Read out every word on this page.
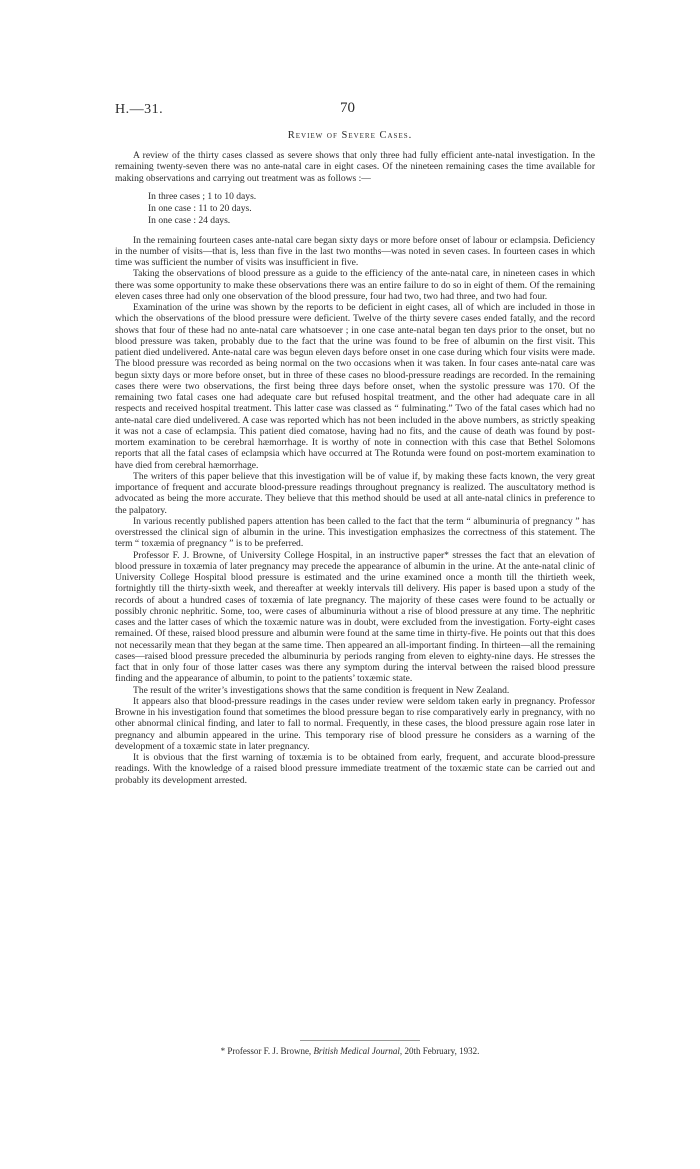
H.—31.	70
Review of Severe Cases.

A review of the thirty cases classed as severe shows that only three had fully efficient ante-natal investigation. In the remaining twenty-seven there was no ante-natal care in eight cases. Of the nineteen remaining cases the time available for making observations and carrying out treatment was as follows :—

In three cases ; 1 to 10 days.
In one case : 11 to 20 days.
In one case : 24 days.

In the remaining fourteen cases ante-natal care began sixty days or more before onset of labour or eclampsia. Deficiency in the number of visits—that is, less than five in the last two months—was noted in seven cases. In fourteen cases in which time was sufficient the number of visits was insufficient in five.

Taking the observations of blood pressure as a guide to the efficiency of the ante-natal care, in nineteen cases in which there was some opportunity to make these observations there was an entire failure to do so in eight of them. Of the remaining eleven cases three had only one observation of the blood pressure, four had two, two had three, and two had four.

Examination of the urine was shown by the reports to be deficient in eight cases, all of which are included in those in which the observations of the blood pressure were deficient. Twelve of the thirty severe cases ended fatally, and the record shows that four of these had no ante-natal care whatsoever ; in one case ante-natal began ten days prior to the onset, but no blood pressure was taken, probably due to the fact that the urine was found to be free of albumin on the first visit. This patient died undelivered. Ante-natal care was begun eleven days before onset in one case during which four visits were made. The blood pressure was recorded as being normal on the two occasions when it was taken. In four cases ante-natal care was begun sixty days or more before onset, but in three of these cases no blood-pressure readings are recorded. In the remaining cases there were two observations, the first being three days before onset, when the systolic pressure was 170. Of the remaining two fatal cases one had adequate care but refused hospital treatment, and the other had adequate care in all respects and received hospital treatment. This latter case was classed as “ fulminating.” Two of the fatal cases which had no ante-natal care died undelivered. A case was reported which has not been included in the above numbers, as strictly speaking it was not a case of eclampsia. This patient died comatose, having had no fits, and the cause of death was found by post-mortem examination to be cerebral hæmorrhage. It is worthy of note in connection with this case that Bethel Solomons reports that all the fatal cases of eclampsia which have occurred at The Rotunda were found on post-mortem examination to have died from cerebral hæmorrhage.

The writers of this paper believe that this investigation will be of value if, by making these facts known, the very great importance of frequent and accurate blood-pressure readings throughout pregnancy is realized. The auscultatory method is advocated as being the more accurate. They believe that this method should be used at all ante-natal clinics in preference to the palpatory.

In various recently published papers attention has been called to the fact that the term “ albuminuria of pregnancy ” has overstressed the clinical sign of albumin in the urine. This investigation emphasizes the correctness of this statement. The term “ toxæmia of pregnancy ” is to be preferred.

Professor F. J. Browne, of University College Hospital, in an instructive paper* stresses the fact that an elevation of blood pressure in toxæmia of later pregnancy may precede the appearance of albumin in the urine. At the ante-natal clinic of University College Hospital blood pressure is estimated and the urine examined once a month till the thirtieth week, fortnightly till the thirty-sixth week, and thereafter at weekly intervals till delivery. His paper is based upon a study of the records of about a hundred cases of toxæmia of late pregnancy. The majority of these cases were found to be actually or possibly chronic nephritic. Some, too, were cases of albuminuria without a rise of blood pressure at any time. The nephritic cases and the latter cases of which the toxæmic nature was in doubt, were excluded from the investigation. Forty-eight cases remained. Of these, raised blood pressure and albumin were found at the same time in thirty-five. He points out that this does not necessarily mean that they began at the same time. Then appeared an all-important finding. In thirteen—all the remaining cases—raised blood pressure preceded the albuminuria by periods ranging from eleven to eighty-nine days. He stresses the fact that in only four of those latter cases was there any symptom during the interval between the raised blood pressure finding and the appearance of albumin, to point to the patients’ toxæmic state.

The result of the writer’s investigations shows that the same condition is frequent in New Zealand.

It appears also that blood-pressure readings in the cases under review were seldom taken early in pregnancy. Professor Browne in his investigation found that sometimes the blood pressure began to rise comparatively early in pregnancy, with no other abnormal clinical finding, and later to fall to normal. Frequently, in these cases, the blood pressure again rose later in pregnancy and albumin appeared in the urine. This temporary rise of blood pressure he considers as a warning of the development of a toxæmic state in later pregnancy.

It is obvious that the first warning of toxæmia is to be obtained from early, frequent, and accurate blood-pressure readings. With the knowledge of a raised blood pressure immediate treatment of the toxæmic state can be carried out and probably its development arrested.

* Professor F. J. Browne, British Medical Journal, 20th February, 1932.
